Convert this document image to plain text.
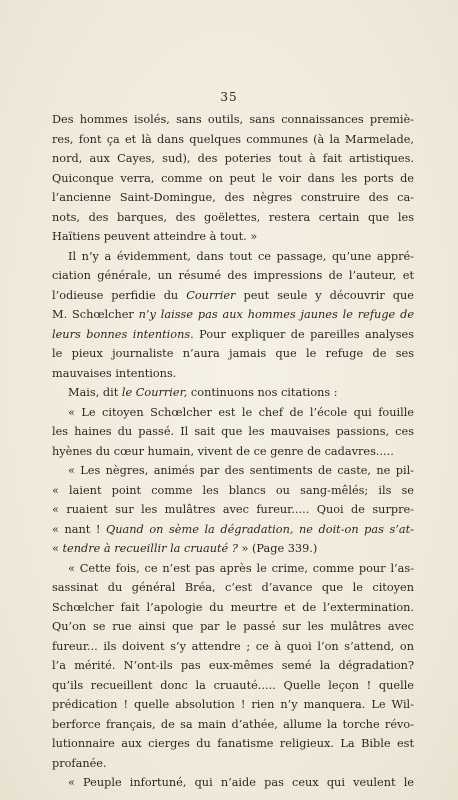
35
Des hommes isolés, sans outils, sans connaissances premiè-
res, font ça et là dans quelques communes (à la Marmelade,
nord, aux Cayes, sud), des poteries tout à fait artistiques.
Quiconque verra, comme on peut le voir dans les ports de
l’ancienne Saint-Domingue, des nègres construire des ca-
nots, des barques, des goëlettes, restera certain que les
Haïtiens peuvent atteindre à tout. »
Il n’y a évidemment, dans tout ce passage, qu’une appré-
ciation générale, un résumé des impressions de l’auteur, et
l’odieuse perfidie du Courrier peut seule y découvrir que
M. Schœlcher n’y laisse pas aux hommes jaunes le refuge de
leurs bonnes intentions. Pour expliquer de pareilles analyses
le pieux journaliste n’aura jamais que le refuge de ses
mauvaises intentions.
Mais, dit le Courrier, continuons nos citations :
« Le citoyen Schœlcher est le chef de l’école qui fouille
les haines du passé. Il sait que les mauvaises passions, ces
hyènes du cœur humain, vivent de ce genre de cadavres.....
« Les nègres, animés par des sentiments de caste, ne pil-
« laient point comme les blancs ou sang-mêlés; ils se
« ruaient sur les mulâtres avec fureur..... Quoi de surpre-
« nant ! Quand on sème la dégradation, ne doit-on pas s’at-
« tendre à recueillir la cruauté ? » (Page 339.)
« Cette fois, ce n’est pas après le crime, comme pour l’as-
sassinat du général Bréa, c’est d’avance que le citoyen
Schœlcher fait l’apologie du meurtre et de l’extermination.
Qu’on se rue ainsi que par le passé sur les mulâtres avec
fureur... ils doivent s’y attendre ; ce à quoi l’on s’attend, on
l’a mérité. N’ont-ils pas eux-mêmes semé la dégradation?
qu’ils recueillent donc la cruauté..... Quelle leçon ! quelle
prédication ! quelle absolution ! rien n’y manquera. Le Wil-
berforce français, de sa main d’athée, allume la torche révo-
lutionnaire aux cierges du fanatisme religieux. La Bible est
profanée.
« Peuple infortuné, qui n’aide pas ceux qui veulent le
